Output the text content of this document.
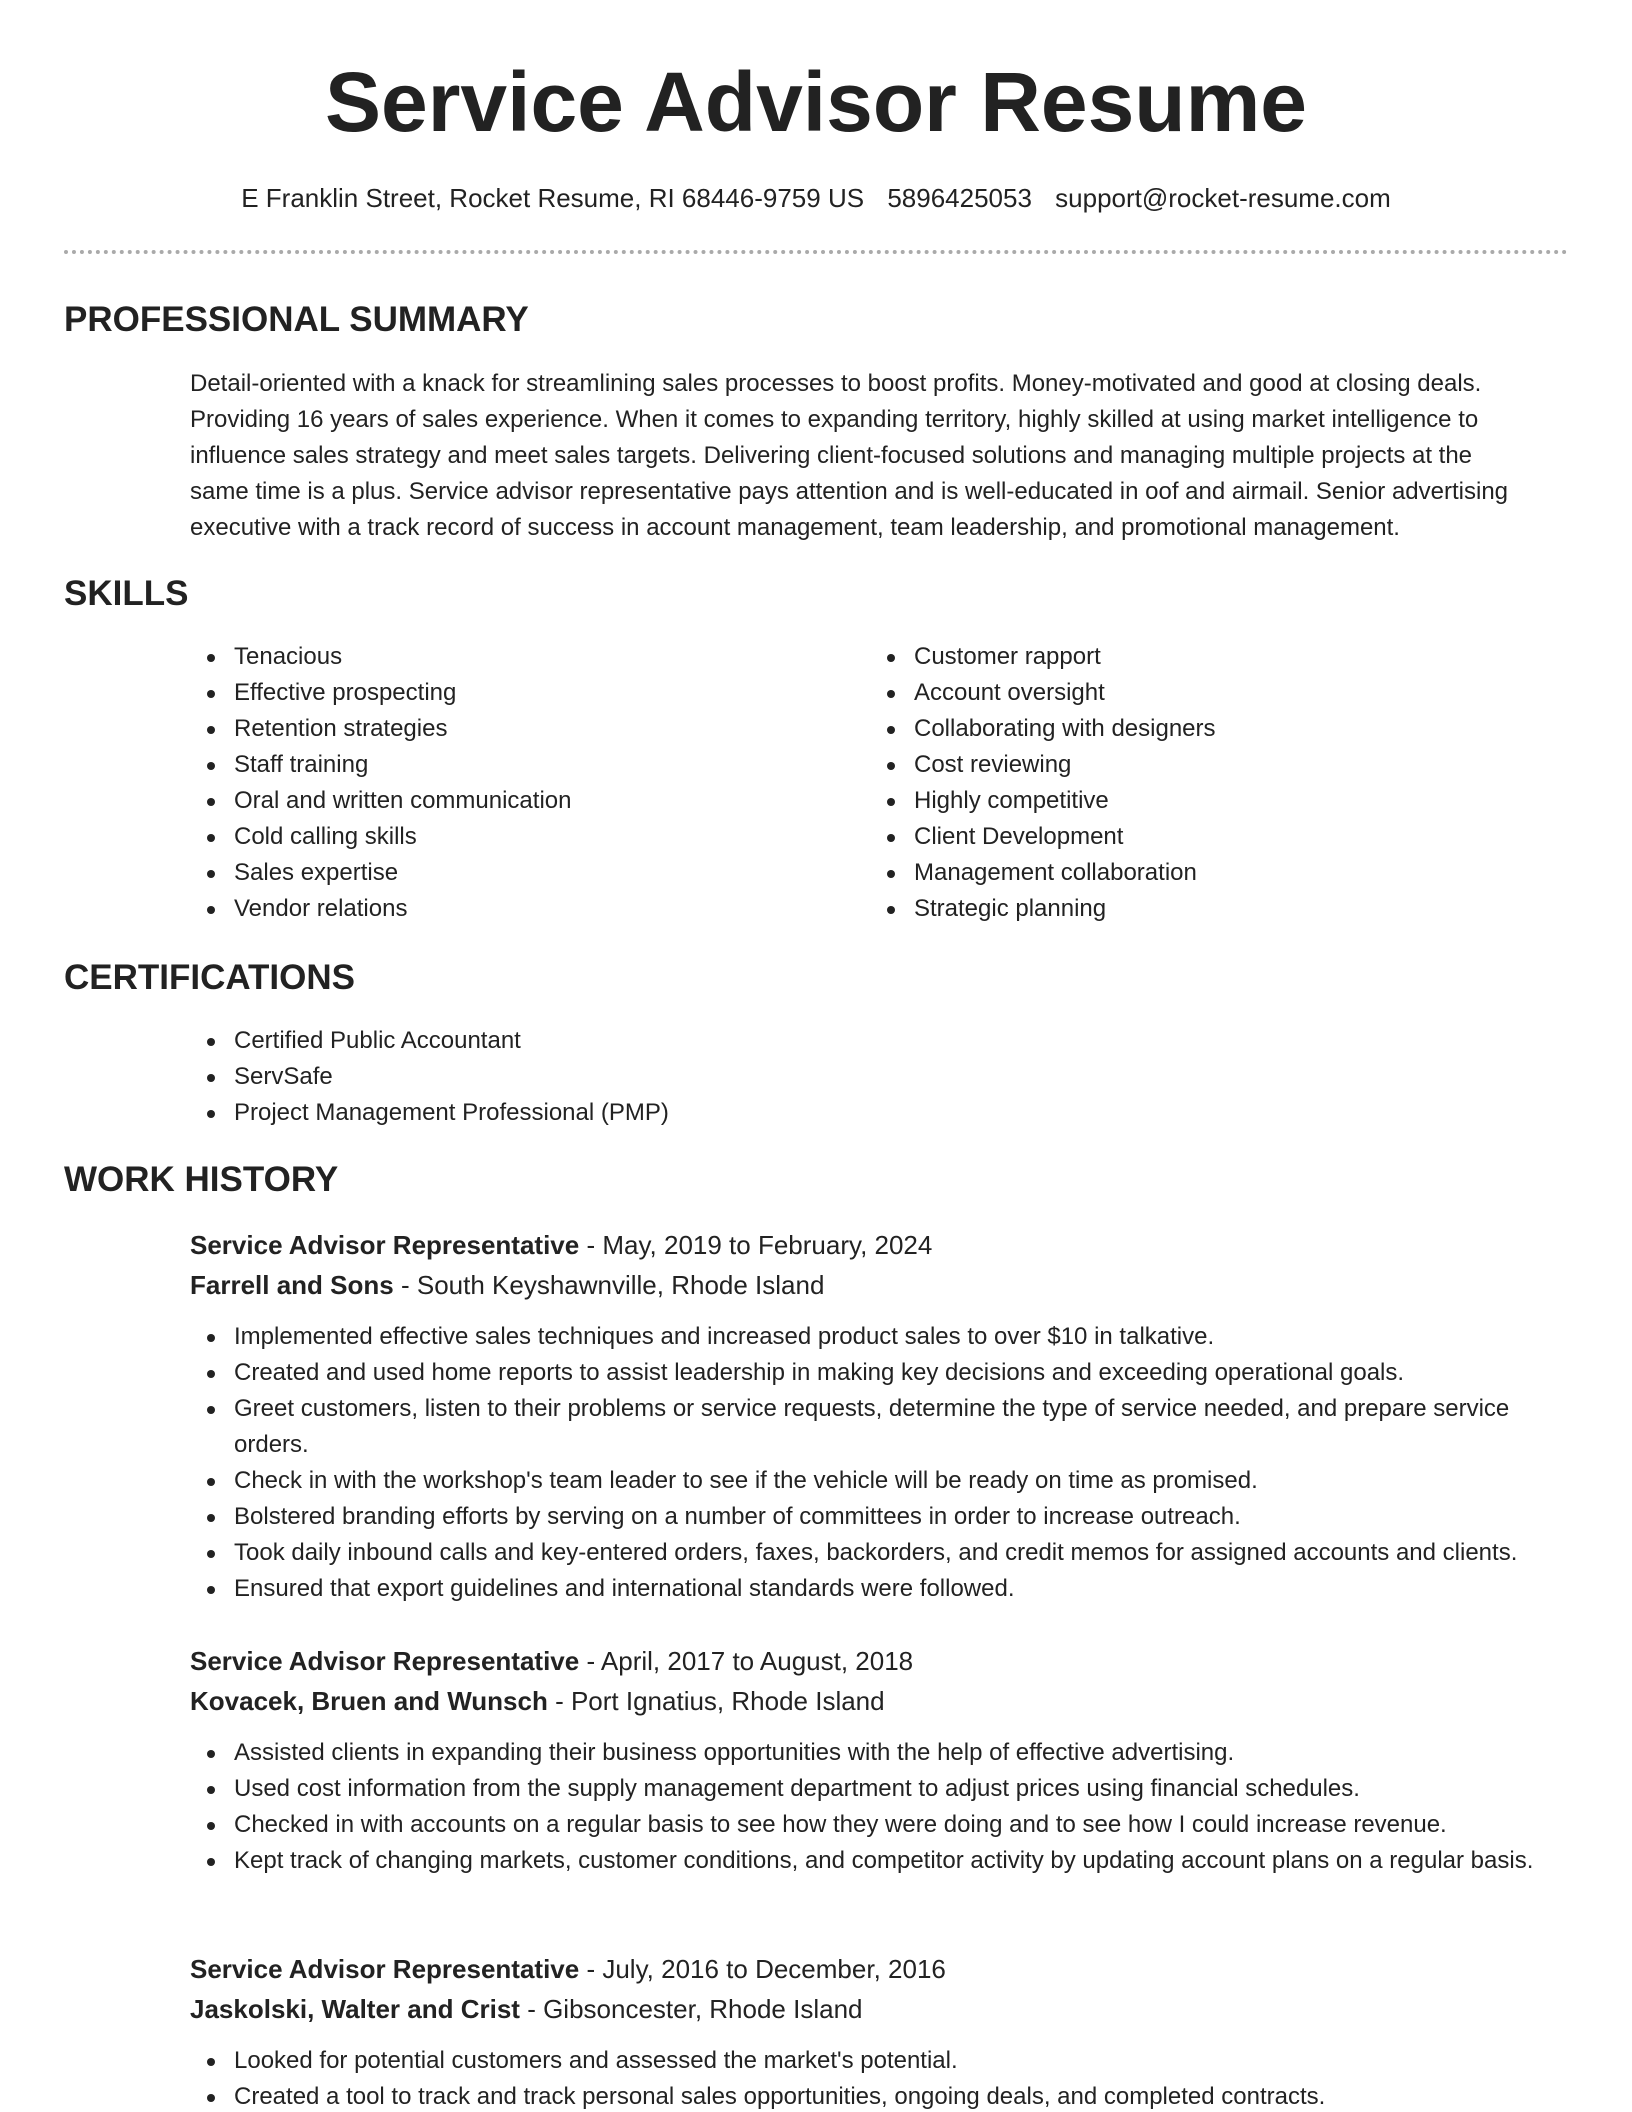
Service Advisor Resume
E Franklin Street, Rocket Resume, RI 68446-9759 US 5896425053 support@rocket-resume.com
PROFESSIONAL SUMMARY
Detail-oriented with a knack for streamlining sales processes to boost profits. Money-motivated and good at closing deals.
Providing 16 years of sales experience. When it comes to expanding territory, highly skilled at using market intelligence to
influence sales strategy and meet sales targets. Delivering client-focused solutions and managing multiple projects at the
same time is a plus. Service advisor representative pays attention and is well-educated in oof and airmail. Senior advertising
executive with a track record of success in account management, team leadership, and promotional management.
SKILLS
Tenacious
Effective prospecting
Retention strategies
Staff training
Oral and written communication
Cold calling skills
Sales expertise
Vendor relations
Customer rapport
Account oversight
Collaborating with designers
Cost reviewing
Highly competitive
Client Development
Management collaboration
Strategic planning
CERTIFICATIONS
Certified Public Accountant
ServSafe
Project Management Professional (PMP)
WORK HISTORY
Service Advisor Representative - May, 2019 to February, 2024
Farrell and Sons - South Keyshawnville, Rhode Island
Implemented effective sales techniques and increased product sales to over $10 in talkative.
Created and used home reports to assist leadership in making key decisions and exceeding operational goals.
Greet customers, listen to their problems or service requests, determine the type of service needed, and prepare service orders.
Check in with the workshop's team leader to see if the vehicle will be ready on time as promised.
Bolstered branding efforts by serving on a number of committees in order to increase outreach.
Took daily inbound calls and key-entered orders, faxes, backorders, and credit memos for assigned accounts and clients.
Ensured that export guidelines and international standards were followed.
Service Advisor Representative - April, 2017 to August, 2018
Kovacek, Bruen and Wunsch - Port Ignatius, Rhode Island
Assisted clients in expanding their business opportunities with the help of effective advertising.
Used cost information from the supply management department to adjust prices using financial schedules.
Checked in with accounts on a regular basis to see how they were doing and to see how I could increase revenue.
Kept track of changing markets, customer conditions, and competitor activity by updating account plans on a regular basis.
Service Advisor Representative - July, 2016 to December, 2016
Jaskolski, Walter and Crist - Gibsoncester, Rhode Island
Looked for potential customers and assessed the market's potential.
Created a tool to track and track personal sales opportunities, ongoing deals, and completed contracts.
